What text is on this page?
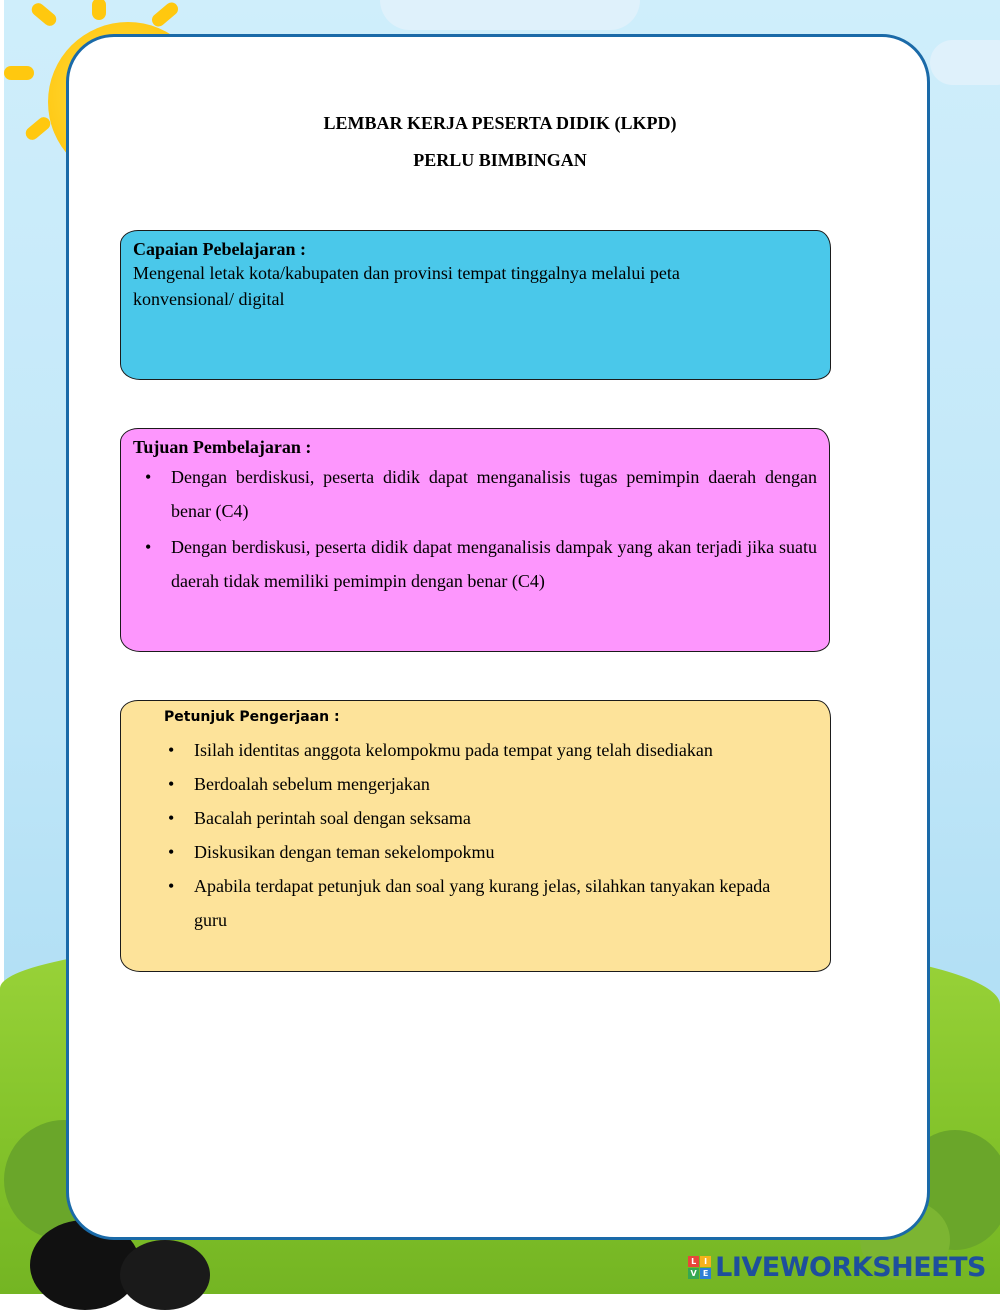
LEMBAR KERJA PESERTA DIDIK (LKPD)
PERLU BIMBINGAN
Capaian Pebelajaran :
Mengenal letak kota/kabupaten dan provinsi tempat tinggalnya melalui peta
konvensional/ digital
Tujuan Pembelajaran :
• Dengan berdiskusi, peserta didik dapat menganalisis tugas pemimpin daerah dengan benar (C4)
• Dengan berdiskusi, peserta didik dapat menganalisis dampak yang akan terjadi jika suatu daerah tidak memiliki pemimpin dengan benar (C4)
Petunjuk Pengerjaan :
• Isilah identitas anggota kelompokmu pada tempat yang telah disediakan
• Berdoalah sebelum mengerjakan
• Bacalah perintah soal dengan seksama
• Diskusikan dengan teman sekelompokmu
• Apabila terdapat petunjuk dan soal yang kurang jelas, silahkan tanyakan kepada guru
L I
V E LIVEWORKSHEETS
